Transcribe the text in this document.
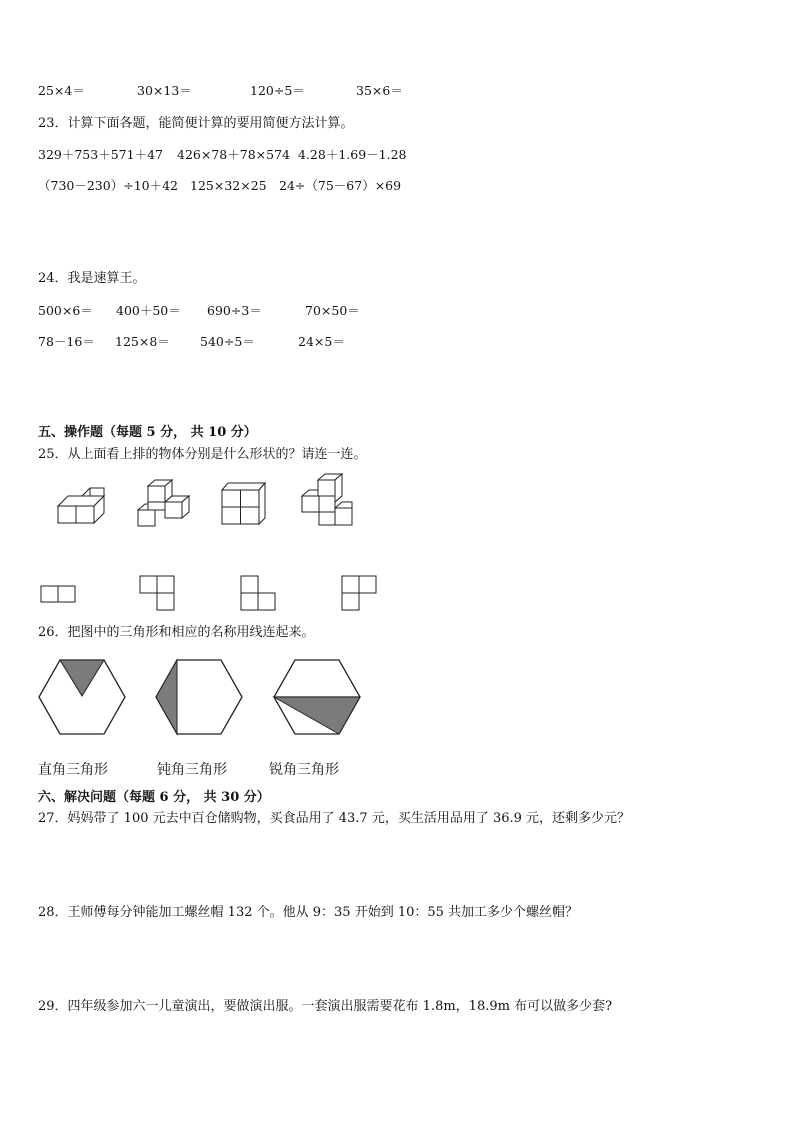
25×4＝	30×13＝	120÷5＝	35×6＝
23．计算下面各题，能简便计算的要用简便方法计算。
329＋753＋571＋47 426×78＋78×574 4.28＋1.69－1.28
（730－230）÷10＋42 125×32×25 24÷（75－67）×69
24．我是速算王。
500×6＝ 400＋50＝ 690÷3＝	70×50＝
78－16＝ 125×8＝ 540÷5＝	24×5＝
五、操作题（每题 5 分， 共 10 分）
25．从上面看上排的物体分别是什么形状的？请连一连。
26．把图中的三角形和相应的名称用线连起来。
直角三角形	钝角三角形	锐角三角形
六、解决问题（每题 6 分， 共 30 分）
27．妈妈带了 100 元去中百仓储购物，买食品用了 43.7 元，买生活用品用了 36.9 元，还剩多少元？
28．王师傅每分钟能加工螺丝帽 132 个。他从 9：35 开始到 10：55 共加工多少个螺丝帽？
29．四年级参加六一儿童演出，要做演出服。一套演出服需要花布 1.8m，18.9m 布可以做多少套?
